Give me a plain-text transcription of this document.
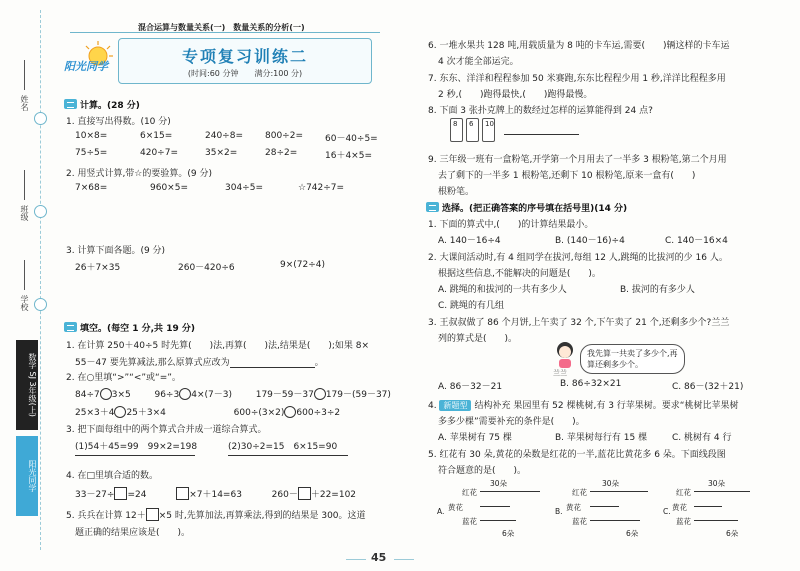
姓名
班级
学校
数学 SJ 3年级(上)
阳光同学
混合运算与数量关系(一)　数量关系的分析(一)
阳光同学
专项复习训练二
(时间:60 分钟　　满分:100 分)
计算。(28 分)
1. 直接写出得数。(10 分)
10×8=	6×15=	240÷8= 800÷2= 60－40÷5=
75÷5=	420÷7=	35×2=	28÷2=	16＋4×5=
2. 用竖式计算,带☆的要验算。(9 分)
7×68=	960×5=	304÷5=	☆742÷7=
3. 计算下面各题。(9 分)
26＋7×35	260－420÷6	9×(72÷4)
填空。(每空 1 分,共 19 分)
1. 在计算 250＋40÷5 时先算(　　)法,再算(　　)法,结果是(　　);如果 8×
55－47 要先算减法,那么原算式应改为	。
2. 在○里填“>”“<”或“=”。
84÷7 3×5	96÷3 4×(7－3)	179－59－37 179－(59－37)
25×3＋4 25＋3×4	600÷(3×2) 600÷3÷2
3. 把下面每组中的两个算式合并成一道综合算式。
(1)54＋45=99　99×2=198	(2)30÷2=15　6×15=90
4. 在□里填合适的数。
33－27÷ =24	×7＋14=63	260－ ＋22=102
5. 兵兵在计算 12＋ ×5 时,先算加法,再算乘法,得到的结果是 300。这道
题正确的结果应该是(　　)。
6. 一堆水果共 128 吨,用载质量为 8 吨的卡车运,需要(　　)辆这样的卡车运
4 次才能全部运完。
7. 东东、洋洋和程程参加 50 米赛跑,东东比程程少用 1 秒,洋洋比程程多用
2 秒,(　　)跑得最快,(　　)跑得最慢。
8. 下面 3 张扑克牌上的数经过怎样的运算能得到 24 点?
8 6 10
9. 三年级一班有一盒粉笔,开学第一个月用去了一半多 3 根粉笔,第二个月用
去了剩下的一半多 1 根粉笔,还剩下 10 根粉笔,原来一盒有(　　)
根粉笔。
选择。(把正确答案的序号填在括号里)(14 分)
1. 下面的算式中,(　　)的计算结果最小。
A. 140－16÷4	B. (140－16)÷4	C. 140－16×4
2. 大课间活动时,有 4 组同学在拔河,每组 12 人,跳绳的比拔河的少 16 人。
根据这些信息,不能解决的问题是(　　)。
A. 跳绳的和拔河的一共有多少人	B. 拔河的有多少人
C. 跳绳的有几组
3. 王叔叔做了 86 个月饼,上午卖了 32 个,下午卖了 21 个,还剩多少个?兰兰
列的算式是(　　)。
兰兰
我先算一共卖了多少个,再算还剩多少个。
A. 86－32－21	B. 86÷32×21	C. 86－(32＋21)
4. 新题型 结构补充 果园里有 52 棵桃树,有 3 行苹果树。要求“桃树比苹果树
多多少棵”需要补充的条件是(　　)。
A. 苹果树有 75 棵	B. 苹果树每行有 15 棵	C. 桃树有 4 行
5. 红花有 30 朵,黄花的朵数是红花的一半,蓝花比黄花多 6 朵。下面线段图
符合题意的是(　　)。
A.
30朵
红花
黄花
蓝花
6朵
B.
30朵
红花
黄花
蓝花
6朵
C.
30朵
红花
黄花
蓝花
6朵
45
